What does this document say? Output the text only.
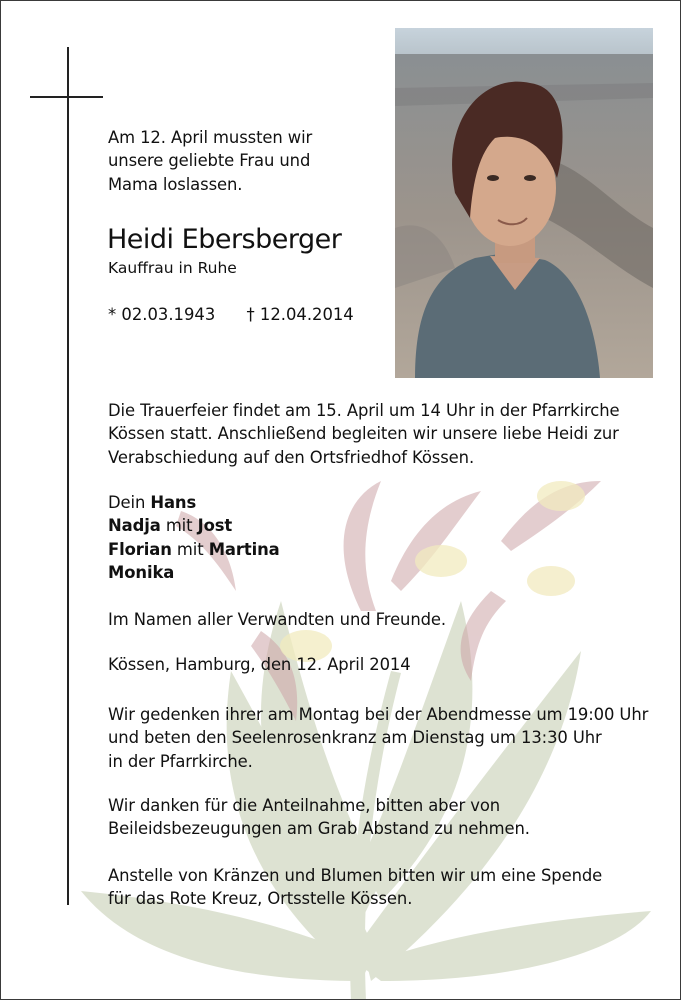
Am 12. April mussten wir
unsere geliebte Frau und
Mama loslassen.
Heidi Ebersberger
Kauffrau in Ruhe
* 02.03.1943 † 12.04.2014
Die Trauerfeier findet am 15. April um 14 Uhr in der Pfarrkirche
Kössen statt. Anschließend begleiten wir unsere liebe Heidi zur
Verabschiedung auf den Ortsfriedhof Kössen.
Dein Hans
Nadja mit Jost
Florian mit Martina
Monika
Im Namen aller Verwandten und Freunde.
Kössen, Hamburg, den 12. April 2014
Wir gedenken ihrer am Montag bei der Abendmesse um 19:00 Uhr
und beten den Seelenrosenkranz am Dienstag um 13:30 Uhr
in der Pfarrkirche.
Wir danken für die Anteilnahme, bitten aber von
Beileidsbezeugungen am Grab Abstand zu nehmen.
Anstelle von Kränzen und Blumen bitten wir um eine Spende
für das Rote Kreuz, Ortsstelle Kössen.
